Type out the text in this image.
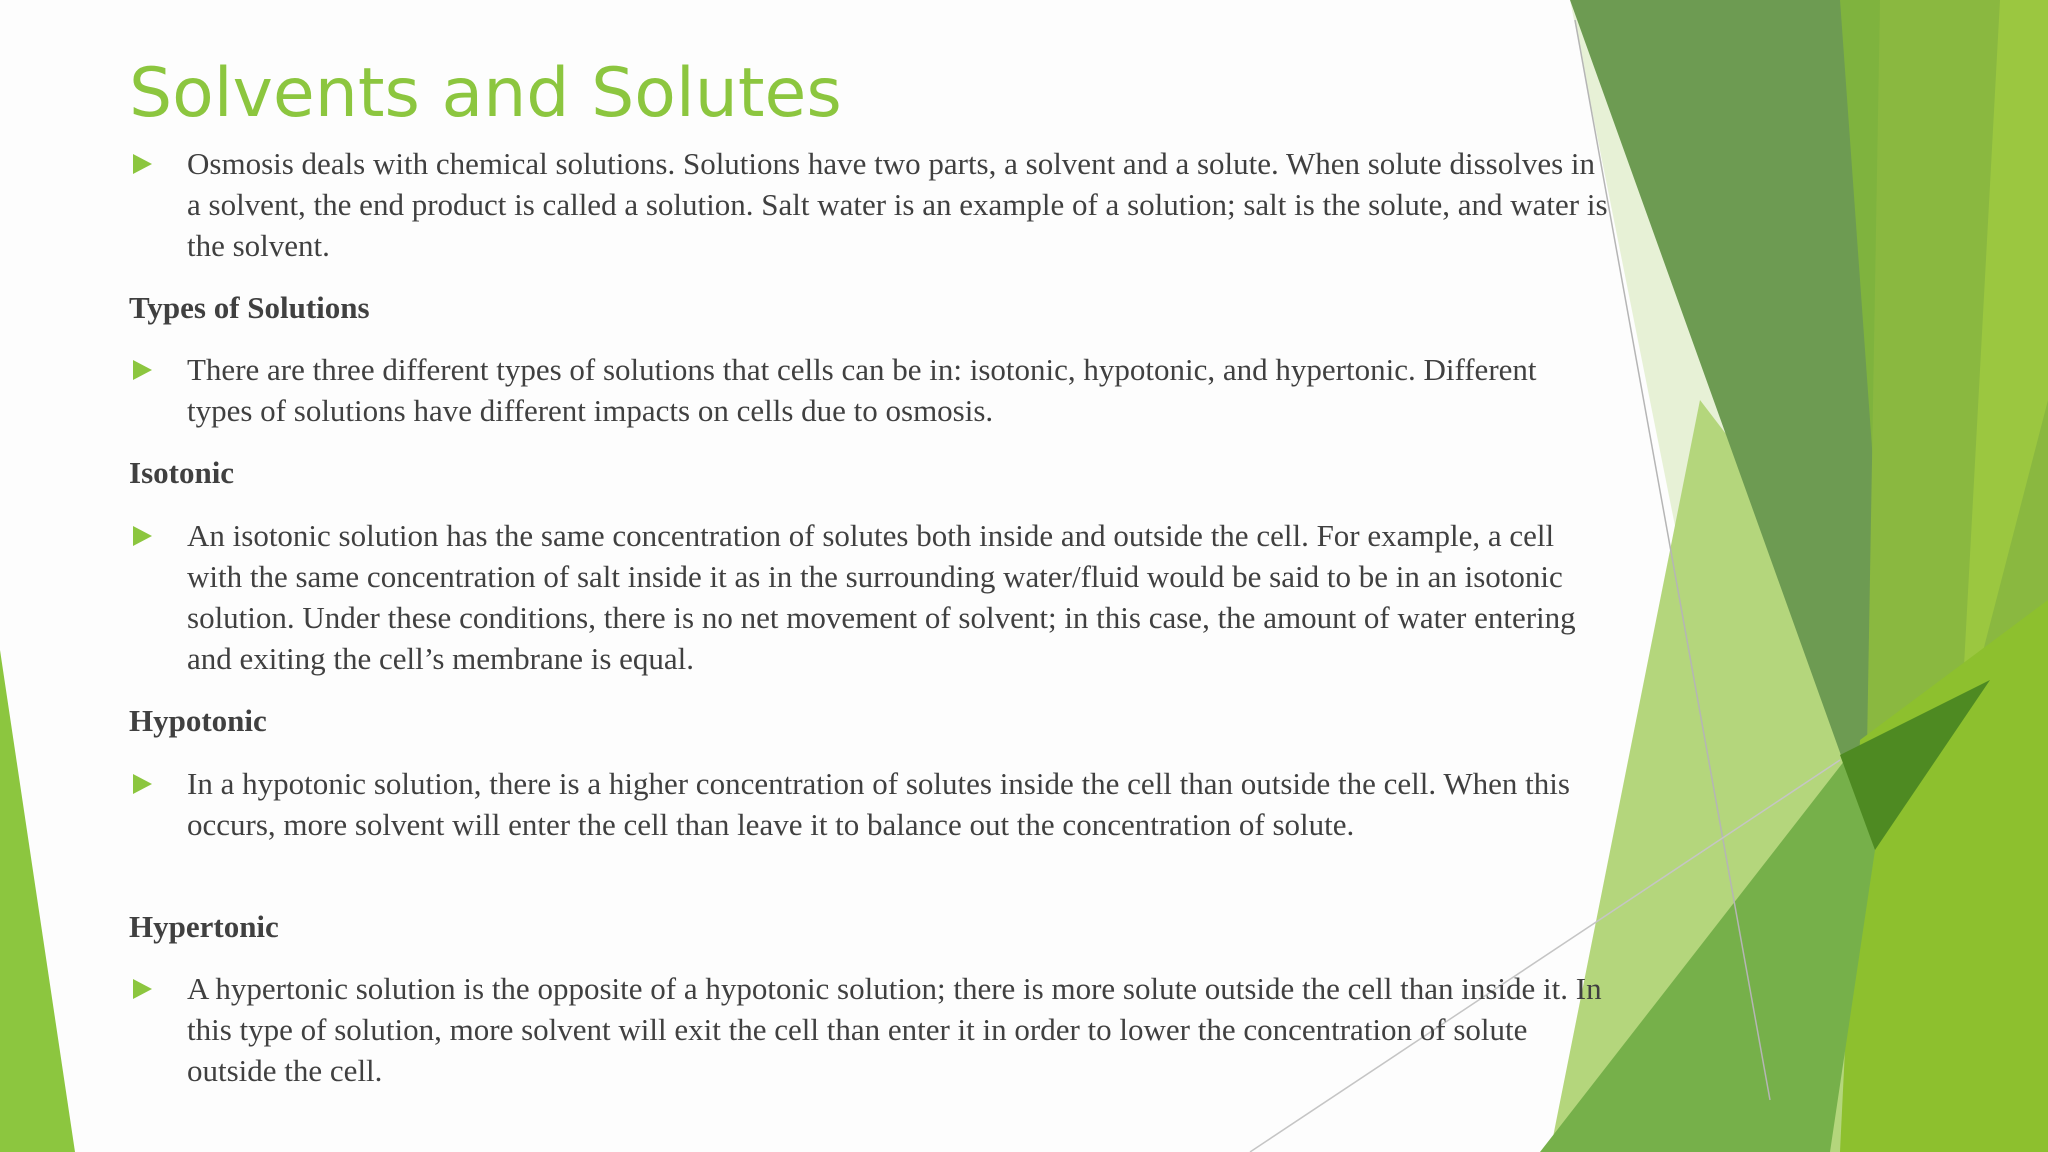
Solvents and Solutes
Osmosis deals with chemical solutions. Solutions have two parts, a solvent and a solute. When solute dissolves in a solvent, the end product is called a solution. Salt water is an example of a solution; salt is the solute, and water is the solvent.
Types of Solutions
There are three different types of solutions that cells can be in: isotonic, hypotonic, and hypertonic. Different types of solutions have different impacts on cells due to osmosis.
Isotonic
An isotonic solution has the same concentration of solutes both inside and outside the cell. For example, a cell with the same concentration of salt inside it as in the surrounding water/fluid would be said to be in an isotonic solution. Under these conditions, there is no net movement of solvent; in this case, the amount of water entering and exiting the cell’s membrane is equal.
Hypotonic
In a hypotonic solution, there is a higher concentration of solutes inside the cell than outside the cell. When this occurs, more solvent will enter the cell than leave it to balance out the concentration of solute.
Hypertonic
A hypertonic solution is the opposite of a hypotonic solution; there is more solute outside the cell than inside it. In this type of solution, more solvent will exit the cell than enter it in order to lower the concentration of solute outside the cell.
